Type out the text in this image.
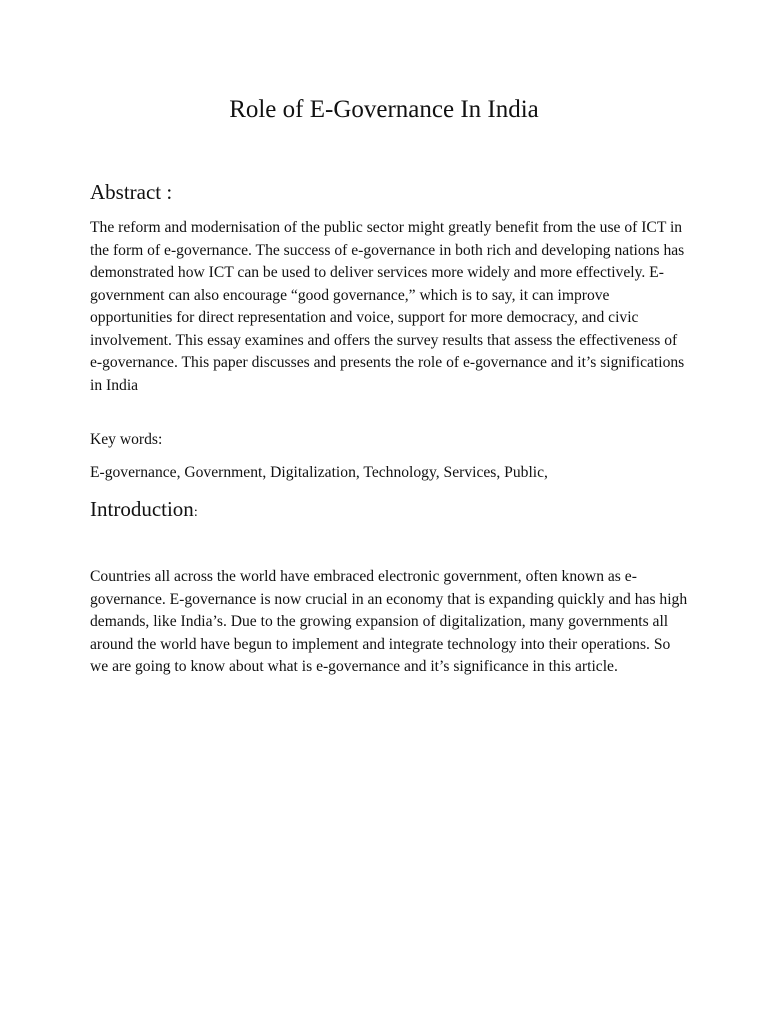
Role of E-Governance In India
Abstract :

The reform and modernisation of the public sector might greatly benefit from the use of ICT in the form of e-governance. The success of e-governance in both rich and developing nations has demonstrated how ICT can be used to deliver services more widely and more effectively. E-government can also encourage “good governance,” which is to say, it can improve opportunities for direct representation and voice, support for more democracy, and civic involvement. This essay examines and offers the survey results that assess the effectiveness of e-governance. This paper discusses and presents the role of e-governance and it’s significations in India

Key words:

E-governance, Government, Digitalization, Technology, Services, Public,

Introduction:

Countries all across the world have embraced electronic government, often known as e-governance. E-governance is now crucial in an economy that is expanding quickly and has high demands, like India’s. Due to the growing expansion of digitalization, many governments all around the world have begun to implement and integrate technology into their operations. So we are going to know about what is e-governance and it’s significance in this article.
